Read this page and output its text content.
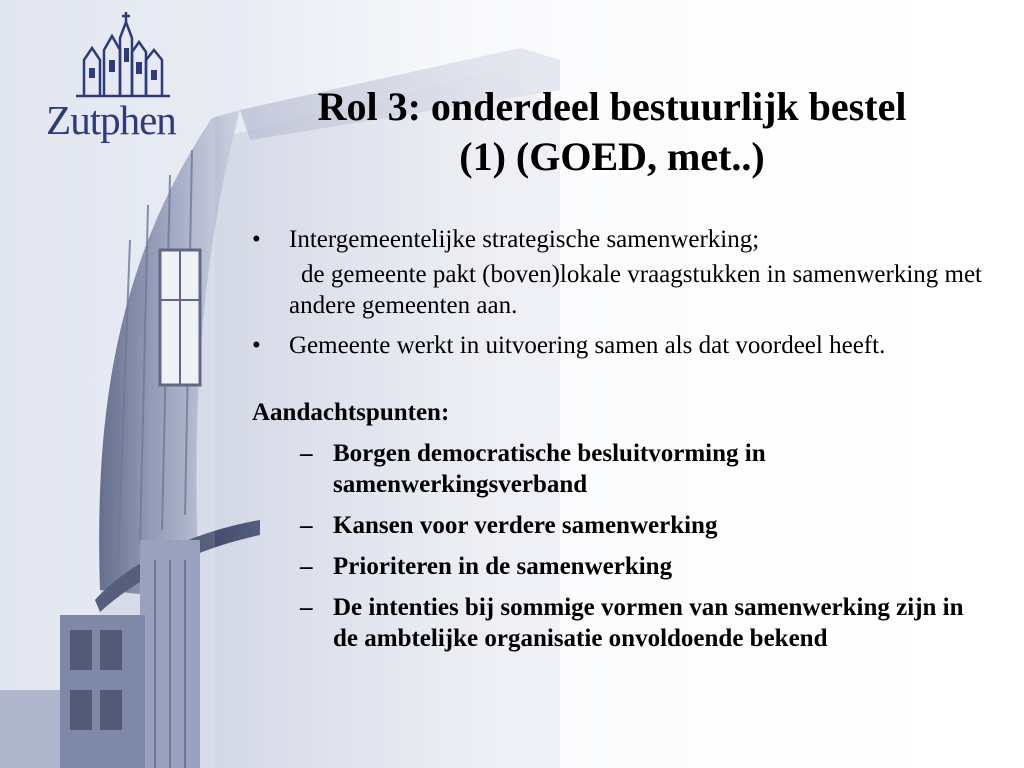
Zutphen	Rol 3: onderdeel bestuurlijk bestel
(1) (GOED, met..)
• Intergemeentelijke strategische samenwerking;
de gemeente pakt (boven)lokale vraagstukken in samenwerking met andere gemeenten aan.
• Gemeente werkt in uitvoering samen als dat voordeel heeft.
Aandachtspunten:
– Borgen democratische besluitvorming in samenwerkingsverband
– Kansen voor verdere samenwerking
– Prioriteren in de samenwerking
– De intenties bij sommige vormen van samenwerking zijn in de ambtelijke organisatie onvoldoende bekend
